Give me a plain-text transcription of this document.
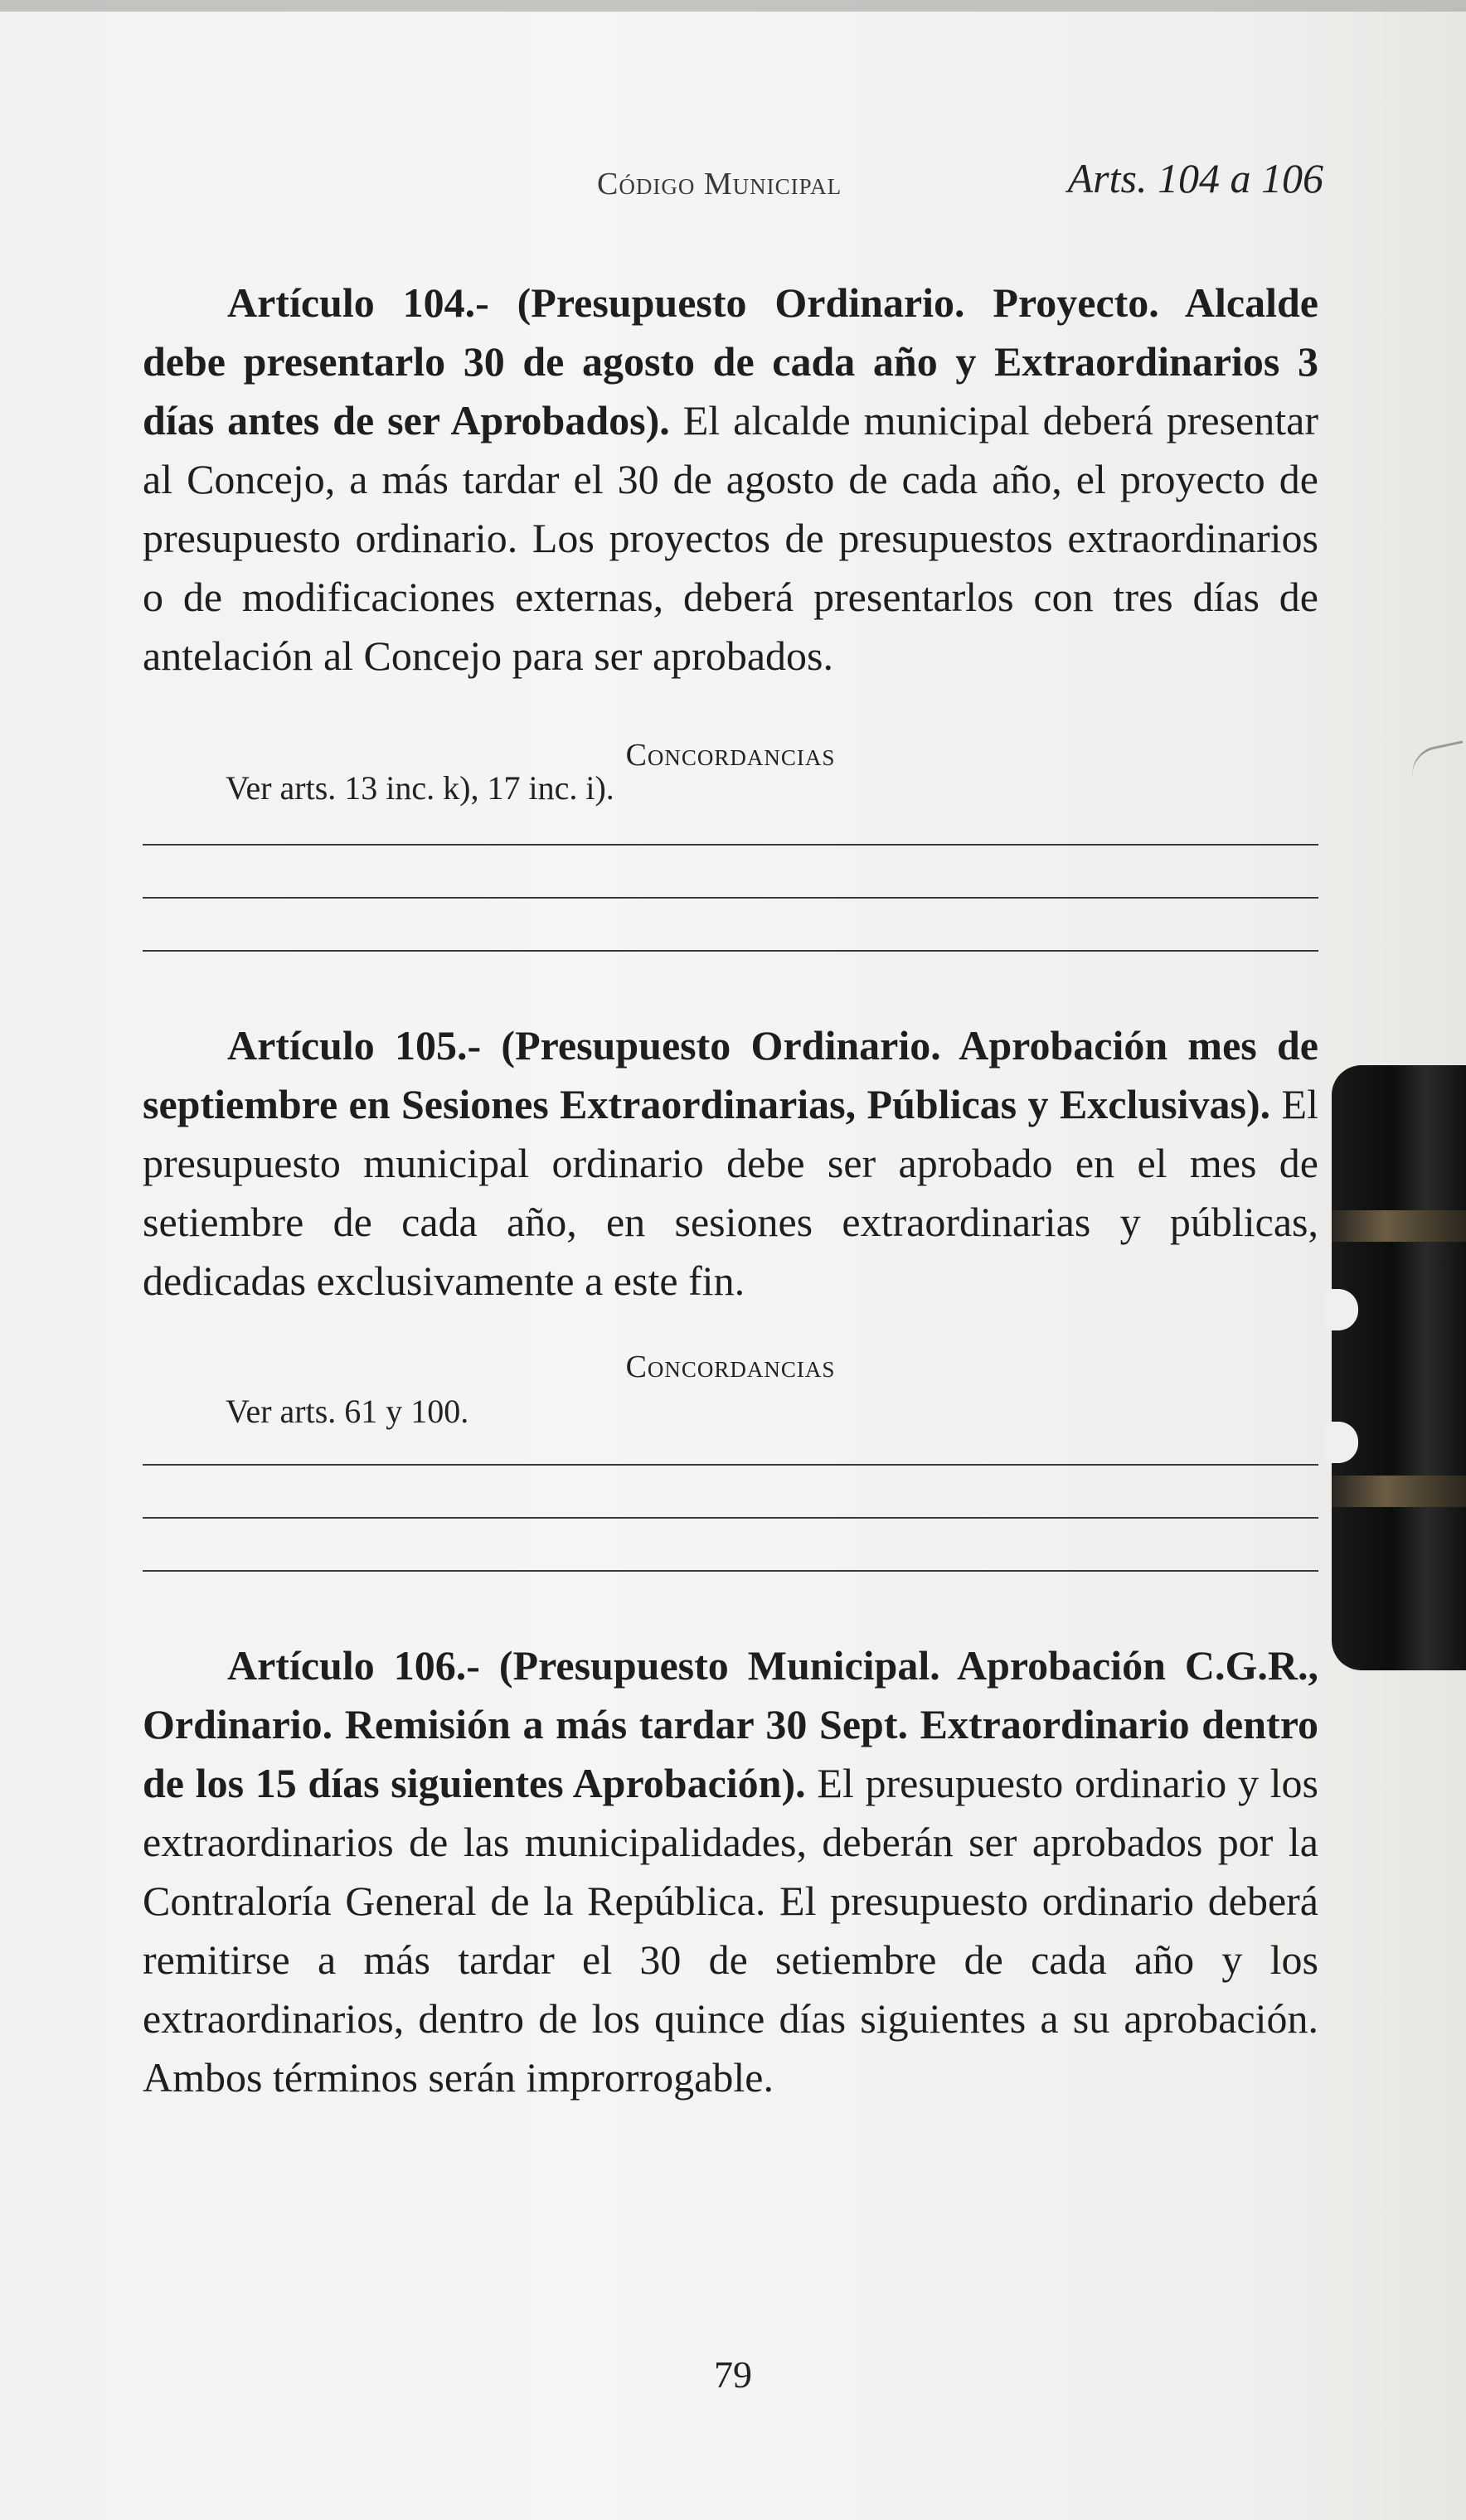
Código Municipal	Arts. 104 a 106

Artículo 104.- (Presupuesto Ordinario. Proyecto. Alcalde debe presentarlo 30 de agosto de cada año y Extraordinarios 3 días antes de ser Aprobados). El alcalde municipal deberá presentar al Concejo, a más tardar el 30 de agosto de cada año, el proyecto de presupuesto ordinario. Los proyectos de presupuestos extraordinarios o de modificaciones externas, deberá presentarlos con tres días de antelación al Concejo para ser aprobados.

Concordancias

Ver arts. 13 inc. k), 17 inc. i).

Artículo 105.- (Presupuesto Ordinario. Aprobación mes de septiembre en Sesiones Extraordinarias, Públicas y Exclusivas). El presupuesto municipal ordinario debe ser aprobado en el mes de setiembre de cada año, en sesiones extraordinarias y públicas, dedicadas exclusivamente a este fin.

Concordancias

Ver arts. 61 y 100.

Artículo 106.- (Presupuesto Municipal. Aprobación C.G.R., Ordinario. Remisión a más tardar 30 Sept. Extraordinario dentro de los 15 días siguientes Aprobación). El presupuesto ordinario y los extraordinarios de las municipalidades, deberán ser aprobados por la Contraloría General de la República. El presupuesto ordinario deberá remitirse a más tardar el 30 de setiembre de cada año y los extraordinarios, dentro de los quince días siguientes a su aprobación. Ambos términos serán improrrogable.

79
